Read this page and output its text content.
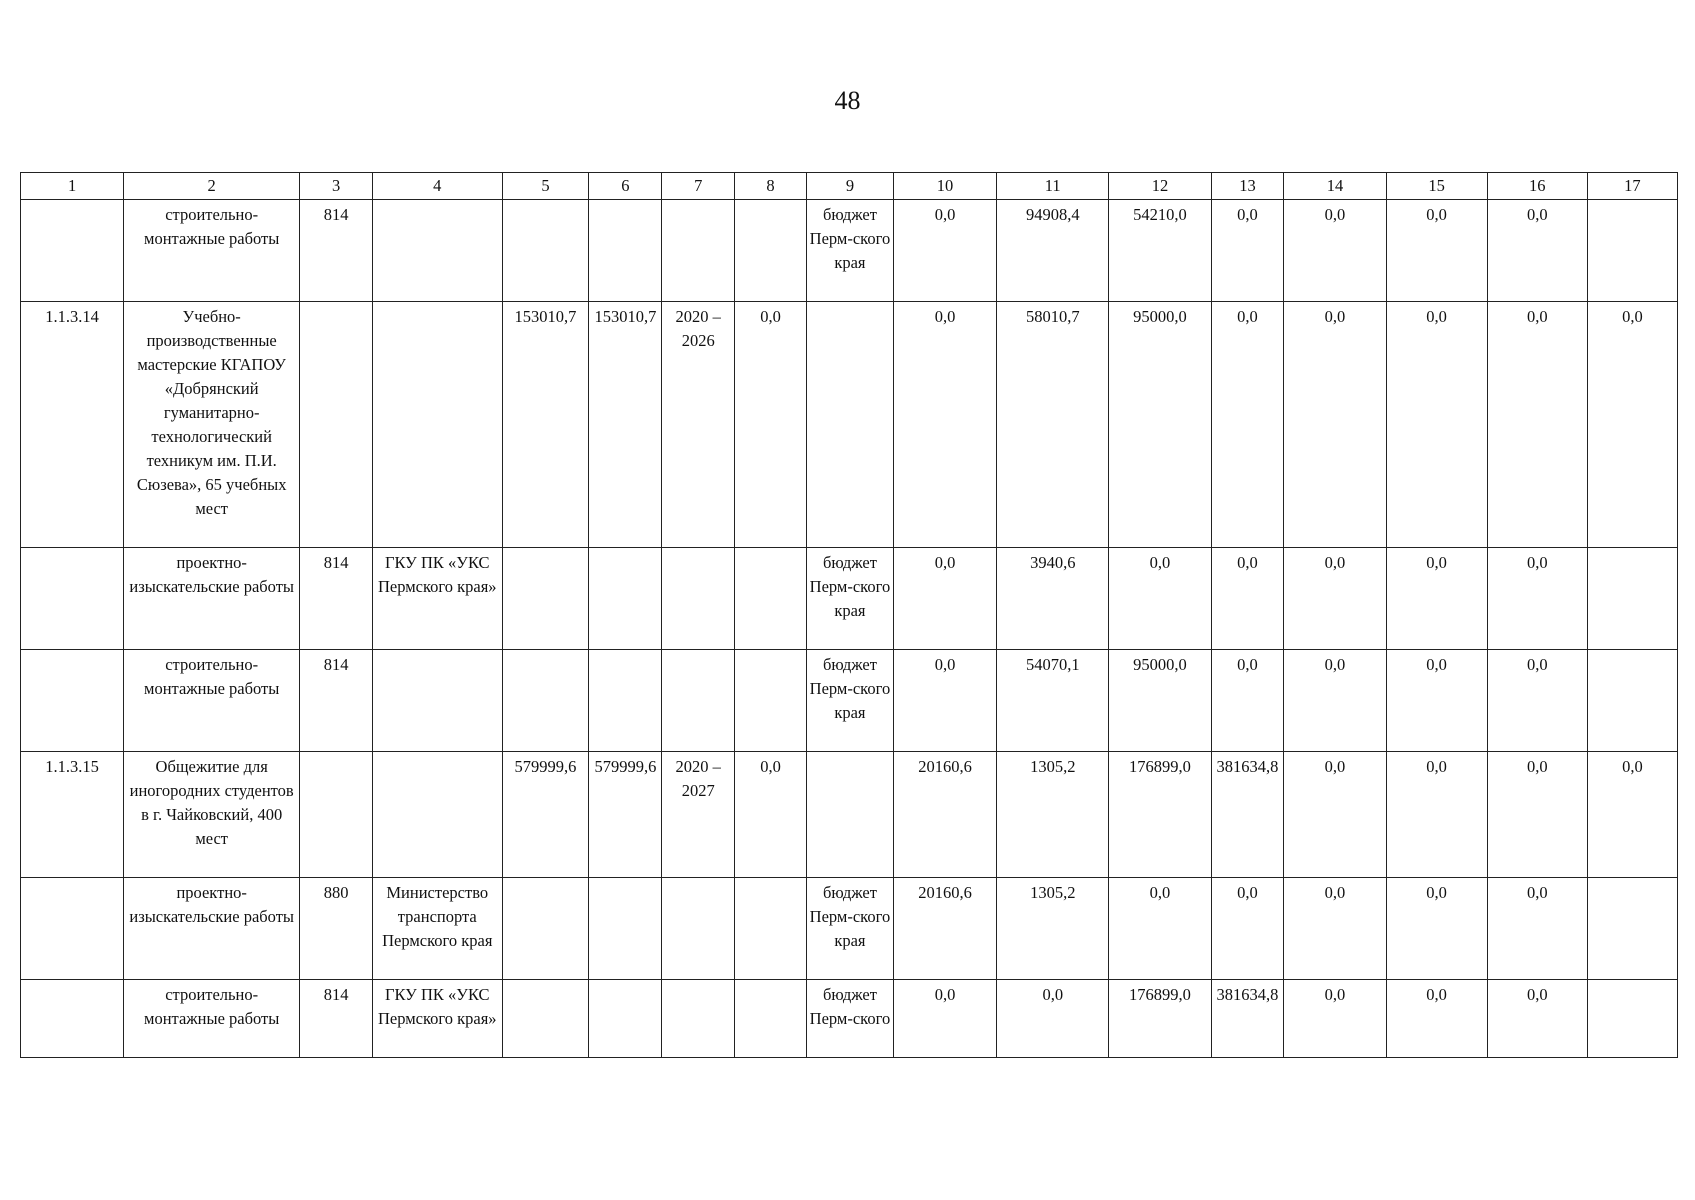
48
1	2	3	4	5	6	7	8	9	10	11	12	13	14	15	16	17
	строительно-монтажные работы	814						бюджет Перм-ского края	0,0	94908,4	54210,0	0,0	0,0	0,0	0,0	
1.1.3.14	Учебно-производственные мастерские КГАПОУ «Добрянский гуманитарно-технологический техникум им. П.И. Сюзева», 65 учебных мест			153010,7	153010,7	2020 – 2026	0,0		0,0	58010,7	95000,0	0,0	0,0	0,0	0,0	0,0
	проектно-изыскательские работы	814	ГКУ ПК «УКС Пермского края»					бюджет Перм-ского края	0,0	3940,6	0,0	0,0	0,0	0,0	0,0	
	строительно-монтажные работы	814						бюджет Перм-ского края	0,0	54070,1	95000,0	0,0	0,0	0,0	0,0	
1.1.3.15	Общежитие для иногородних студентов в г. Чайковский, 400 мест			579999,6	579999,6	2020 – 2027	0,0		20160,6	1305,2	176899,0	381634,8	0,0	0,0	0,0	0,0
	проектно-изыскательские работы	880	Министерство транспорта Пермского края					бюджет Перм-ского края	20160,6	1305,2	0,0	0,0	0,0	0,0	0,0	
	строительно-монтажные работы	814	ГКУ ПК «УКС Пермского края»					бюджет Перм-ского	0,0	0,0	176899,0	381634,8	0,0	0,0	0,0	
